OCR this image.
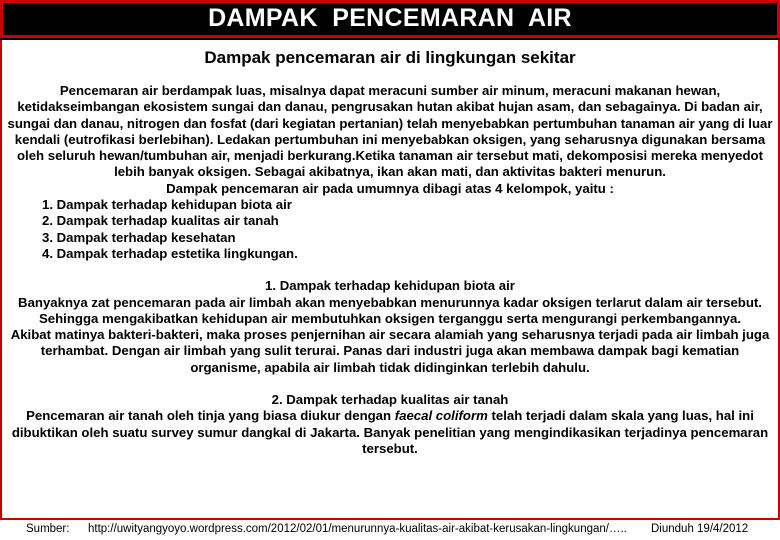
DAMPAK  PENCEMARAN  AIR
Dampak pencemaran air di lingkungan sekitar

Pencemaran air berdampak luas, misalnya dapat meracuni sumber air minum, meracuni makanan hewan, ketidakseimbangan ekosistem sungai dan danau, pengrusakan hutan akibat hujan asam, dan sebagainya. Di badan air, sungai dan danau, nitrogen dan fosfat (dari kegiatan pertanian) telah menyebabkan pertumbuhan tanaman air yang di luar kendali (eutrofikasi berlebihan). Ledakan pertumbuhan ini menyebabkan oksigen, yang seharusnya digunakan bersama oleh seluruh hewan/tumbuhan air, menjadi berkurang.Ketika tanaman air tersebut mati, dekomposisi mereka menyedot lebih banyak oksigen. Sebagai akibatnya, ikan akan mati, dan aktivitas bakteri menurun.

Dampak pencemaran air pada umumnya dibagi atas 4 kelompok, yaitu :

1. Dampak terhadap kehidupan biota air
2. Dampak terhadap kualitas air tanah
3. Dampak terhadap kesehatan
4. Dampak terhadap estetika lingkungan.

1. Dampak terhadap kehidupan biota air

Banyaknya zat pencemaran pada air limbah akan menyebabkan menurunnya kadar oksigen terlarut dalam air tersebut. Sehingga mengakibatkan kehidupan air membutuhkan oksigen terganggu serta mengurangi perkembangannya.

Akibat matinya bakteri-bakteri, maka proses penjernihan air secara alamiah yang seharusnya terjadi pada air limbah juga terhambat. Dengan air limbah yang sulit terurai. Panas dari industri juga akan membawa dampak bagi kematian organisme, apabila air limbah tidak didinginkan terlebih dahulu.

2. Dampak terhadap kualitas air tanah

Pencemaran air tanah oleh tinja yang biasa diukur dengan faecal coliform telah terjadi dalam skala yang luas, hal ini dibuktikan oleh suatu survey sumur dangkal di Jakarta. Banyak penelitian yang mengindikasikan terjadinya pencemaran tersebut.

Sumber: http://uwityangyoyo.wordpress.com/2012/02/01/menurunnya-kualitas-air-akibat-kerusakan-lingkungan/….. Diunduh 19/4/2012
